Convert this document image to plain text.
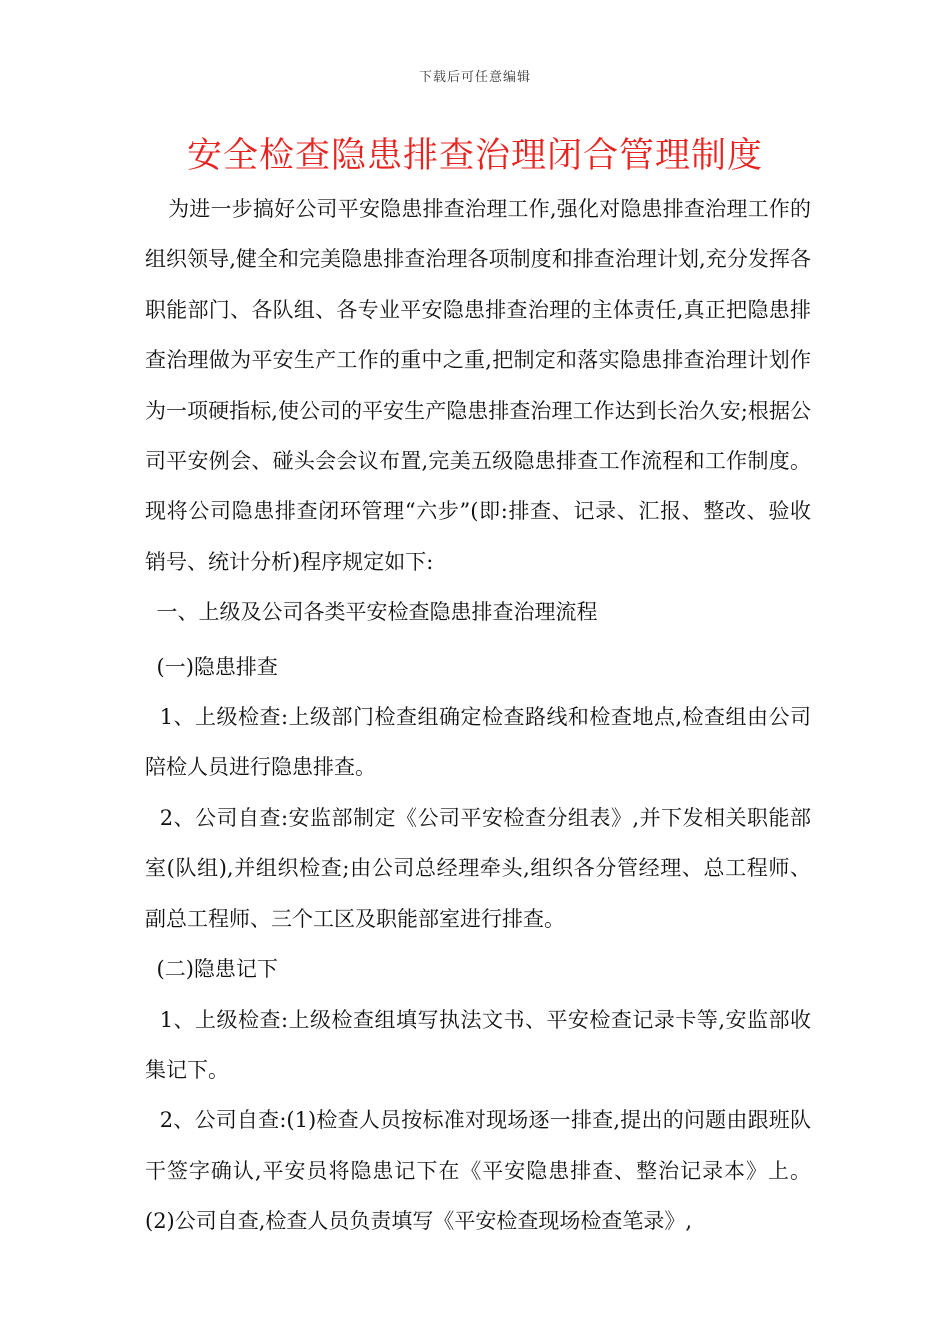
下载后可任意编辑
安全检查隐患排查治理闭合管理制度

为进一步搞好公司平安隐患排查治理工作,强化对隐患排查治理工作的组织领导,健全和完美隐患排查治理各项制度和排查治理计划,充分发挥各职能部门、各队组、各专业平安隐患排查治理的主体责任,真正把隐患排查治理做为平安生产工作的重中之重,把制定和落实隐患排查治理计划作为一项硬指标,使公司的平安生产隐患排查治理工作达到长治久安;根据公司平安例会、碰头会会议布置,完美五级隐患排查工作流程和工作制度。现将公司隐患排查闭环管理“六步”(即:排查、记录、汇报、整改、验收销号、统计分析)程序规定如下:

一、上级及公司各类平安检查隐患排查治理流程

(一)隐患排查

1、上级检查:上级部门检查组确定检查路线和检查地点,检查组由公司陪检人员进行隐患排查。

2、公司自查:安监部制定《公司平安检查分组表》,并下发相关职能部室(队组),并组织检查;由公司总经理牵头,组织各分管经理、总工程师、副总工程师、三个工区及职能部室进行排查。

(二)隐患记下

1、上级检查:上级检查组填写执法文书、平安检查记录卡等,安监部收集记下。

2、公司自查:(1)检查人员按标准对现场逐一排查,提出的问题由跟班队干签字确认,平安员将隐患记下在《平安隐患排查、整治记录本》上。(2)公司自查,检查人员负责填写《平安检查现场检查笔录》,
